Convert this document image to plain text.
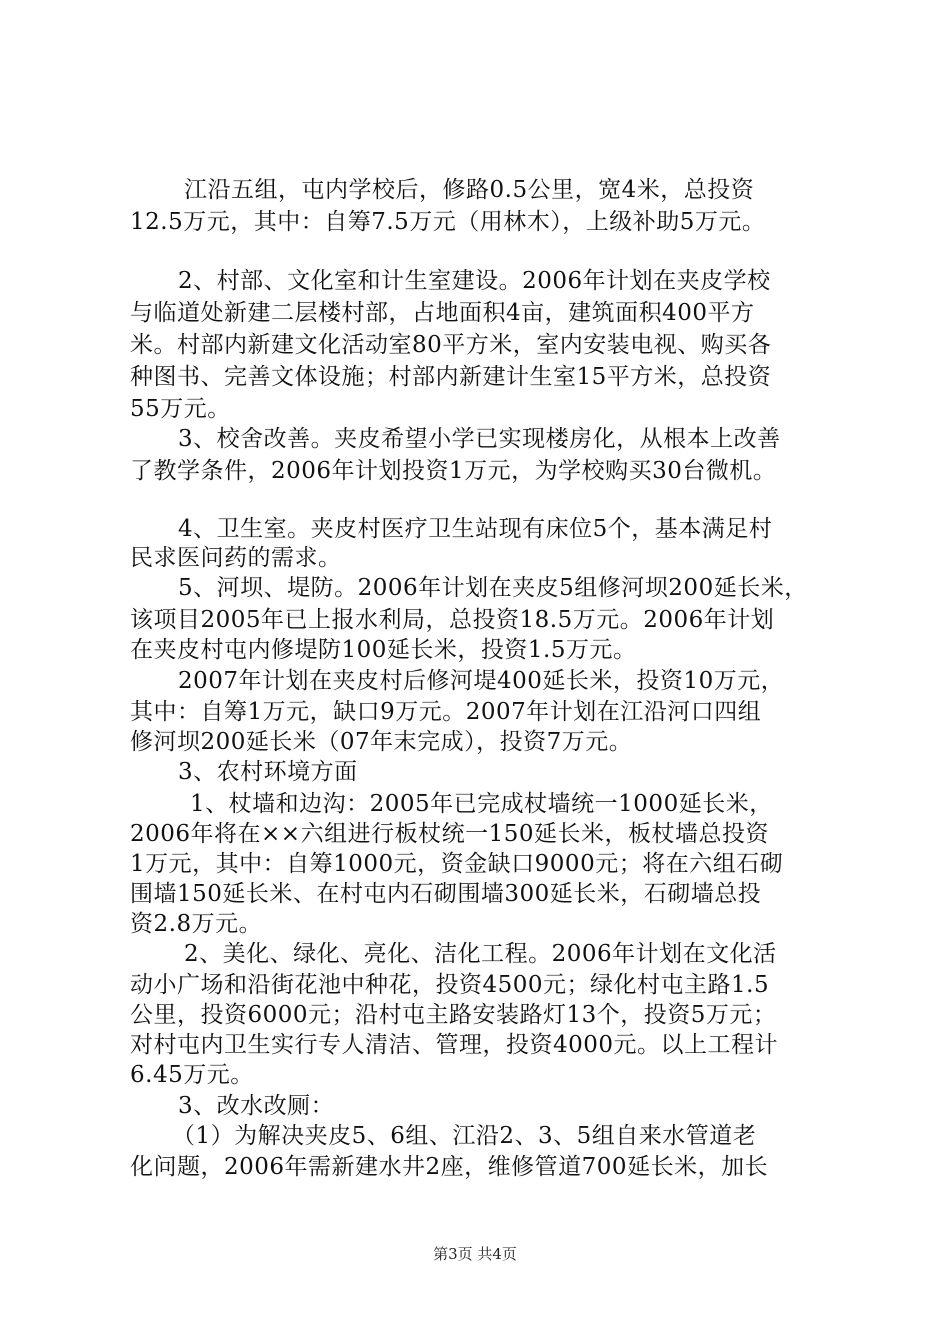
江沿五组，屯内学校后，修路0.5公里，宽4米，总投资
12.5万元，其中：自筹7.5万元（用林木），上级补助5万元。
2、村部、文化室和计生室建设。2006年计划在夹皮学校
与临道处新建二层楼村部，占地面积4亩，建筑面积400平方
米。村部内新建文化活动室80平方米，室内安装电视、购买各
种图书、完善文体设施；村部内新建计生室15平方米，总投资
55万元。
3、校舍改善。夹皮希望小学已实现楼房化，从根本上改善
了教学条件，2006年计划投资1万元，为学校购买30台微机。
4、卫生室。夹皮村医疗卫生站现有床位5个，基本满足村
民求医问药的需求。
5、河坝、堤防。2006年计划在夹皮5组修河坝200延长米，
该项目2005年已上报水利局，总投资18.5万元。2006年计划
在夹皮村屯内修堤防100延长米，投资1.5万元。
2007年计划在夹皮村后修河堤400延长米，投资10万元，
其中：自筹1万元，缺口9万元。2007年计划在江沿河口四组
修河坝200延长米（07年末完成），投资7万元。
3、农村环境方面
1、杖墙和边沟：2005年已完成杖墙统一1000延长米，
2006年将在××六组进行板杖统一150延长米，板杖墙总投资
1万元，其中：自筹1000元，资金缺口9000元；将在六组石砌
围墙150延长米、在村屯内石砌围墙300延长米，石砌墙总投
资2.8万元。
2、美化、绿化、亮化、洁化工程。2006年计划在文化活
动小广场和沿街花池中种花，投资4500元；绿化村屯主路1.5
公里，投资6000元；沿村屯主路安装路灯13个，投资5万元；
对村屯内卫生实行专人清洁、管理，投资4000元。以上工程计
6.45万元。
3、改水改厕：
（1）为解决夹皮5、6组、江沿2、3、5组自来水管道老
化问题，2006年需新建水井2座，维修管道700延长米，加长
第3页 共4页
